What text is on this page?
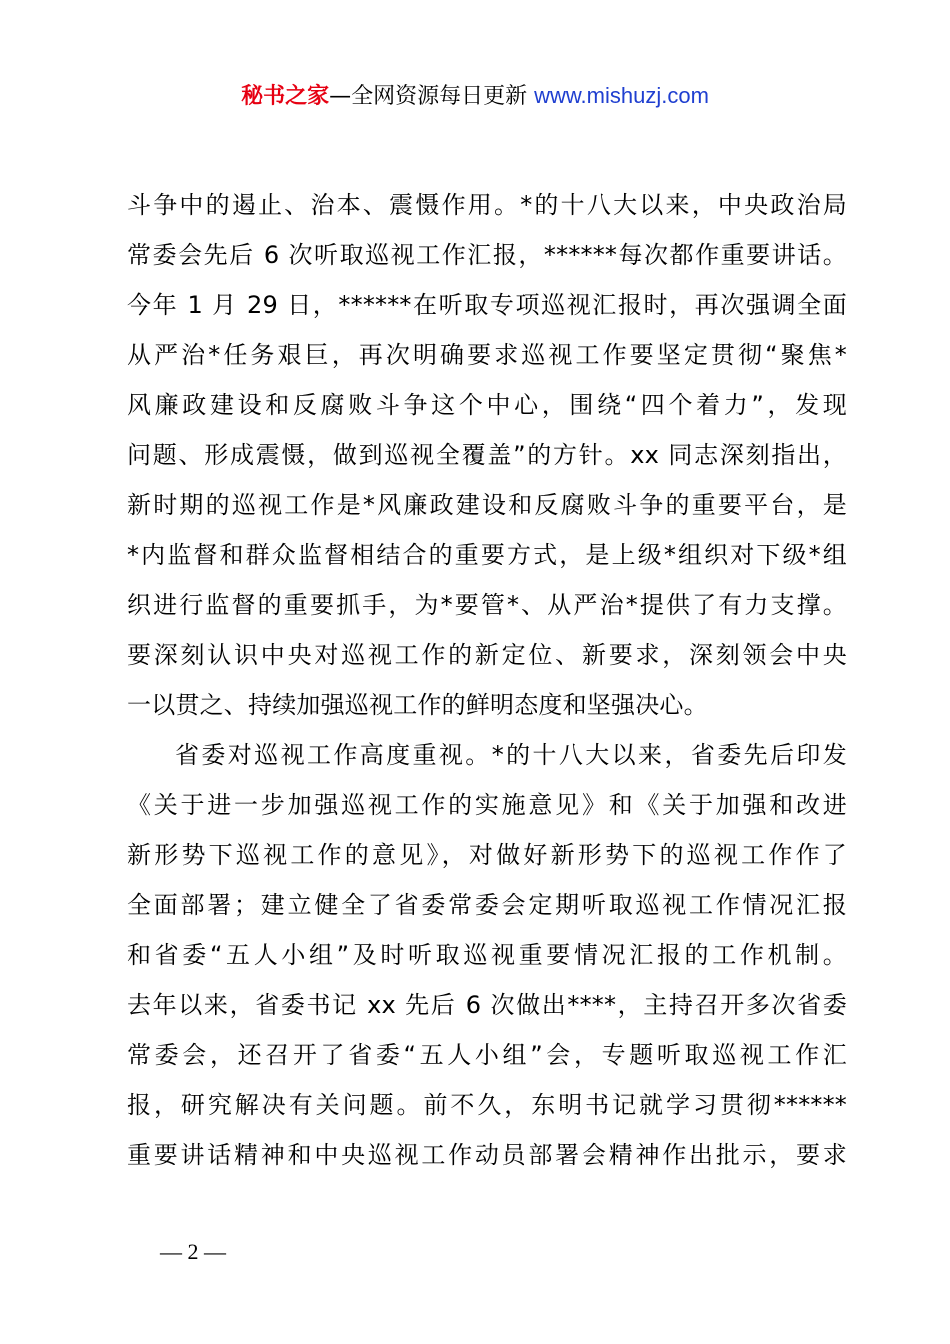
秘书之家—全网资源每日更新 www.mishuzj.com
斗争中的遏止、治本、震慑作用。*的十八大以来，中央政治局
常委会先后 6 次听取巡视工作汇报，******每次都作重要讲话。
今年 1 月 29 日，******在听取专项巡视汇报时，再次强调全面
从严治*任务艰巨，再次明确要求巡视工作要坚定贯彻“聚焦*
风廉政建设和反腐败斗争这个中心，围绕“四个着力”，发现
问题、形成震慑，做到巡视全覆盖”的方针。xx 同志深刻指出，
新时期的巡视工作是*风廉政建设和反腐败斗争的重要平台，是
*内监督和群众监督相结合的重要方式，是上级*组织对下级*组
织进行监督的重要抓手，为*要管*、从严治*提供了有力支撑。
要深刻认识中央对巡视工作的新定位、新要求，深刻领会中央
一以贯之、持续加强巡视工作的鲜明态度和坚强决心。
省委对巡视工作高度重视。*的十八大以来，省委先后印发
《关于进一步加强巡视工作的实施意见》和《关于加强和改进
新形势下巡视工作的意见》，对做好新形势下的巡视工作作了
全面部署；建立健全了省委常委会定期听取巡视工作情况汇报
和省委“五人小组”及时听取巡视重要情况汇报的工作机制。
去年以来，省委书记 xx 先后 6 次做出****，主持召开多次省委
常委会，还召开了省委“五人小组”会，专题听取巡视工作汇
报，研究解决有关问题。前不久，东明书记就学习贯彻******
重要讲话精神和中央巡视工作动员部署会精神作出批示，要求
— 2 —
